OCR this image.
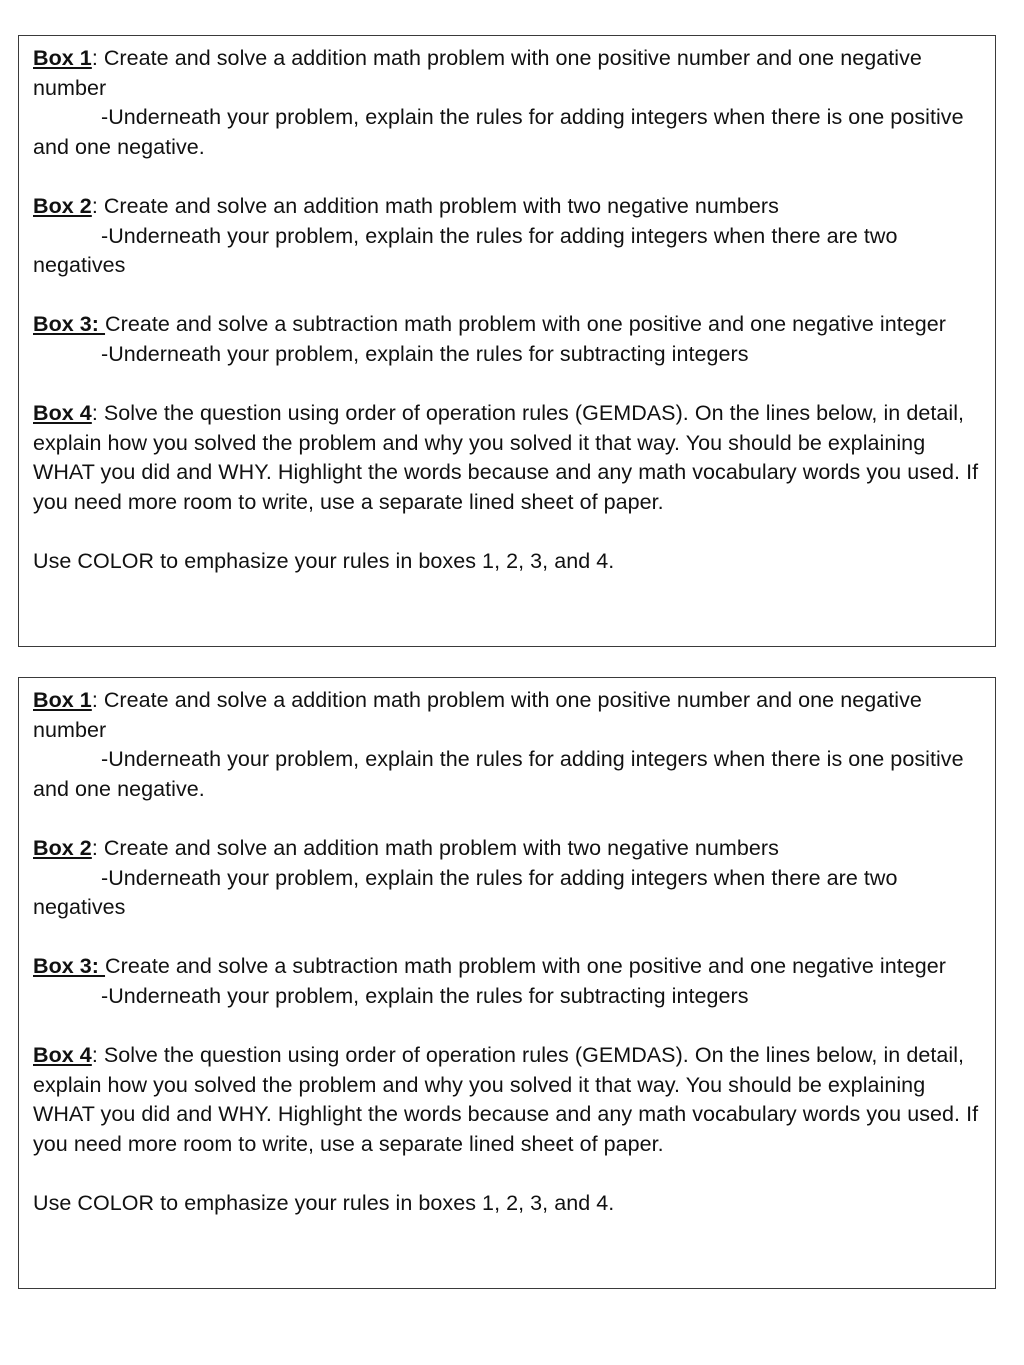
Box 1: Create and solve a addition math problem with one positive number and one negative number
-Underneath your problem, explain the rules for adding integers when there is one positive and one negative.

Box 2: Create and solve an addition math problem with two negative numbers
-Underneath your problem, explain the rules for adding integers when there are two negatives

Box 3: Create and solve a subtraction math problem with one positive and one negative integer
-Underneath your problem, explain the rules for subtracting integers

Box 4: Solve the question using order of operation rules (GEMDAS). On the lines below, in detail, explain how you solved the problem and why you solved it that way. You should be explaining WHAT you did and WHY. Highlight the words because and any math vocabulary words you used. If you need more room to write, use a separate lined sheet of paper.

Use COLOR to emphasize your rules in boxes 1, 2, 3, and 4.

Box 1: Create and solve a addition math problem with one positive number and one negative number
-Underneath your problem, explain the rules for adding integers when there is one positive and one negative.

Box 2: Create and solve an addition math problem with two negative numbers
-Underneath your problem, explain the rules for adding integers when there are two negatives

Box 3: Create and solve a subtraction math problem with one positive and one negative integer
-Underneath your problem, explain the rules for subtracting integers

Box 4: Solve the question using order of operation rules (GEMDAS). On the lines below, in detail, explain how you solved the problem and why you solved it that way. You should be explaining WHAT you did and WHY. Highlight the words because and any math vocabulary words you used. If you need more room to write, use a separate lined sheet of paper.

Use COLOR to emphasize your rules in boxes 1, 2, 3, and 4.
